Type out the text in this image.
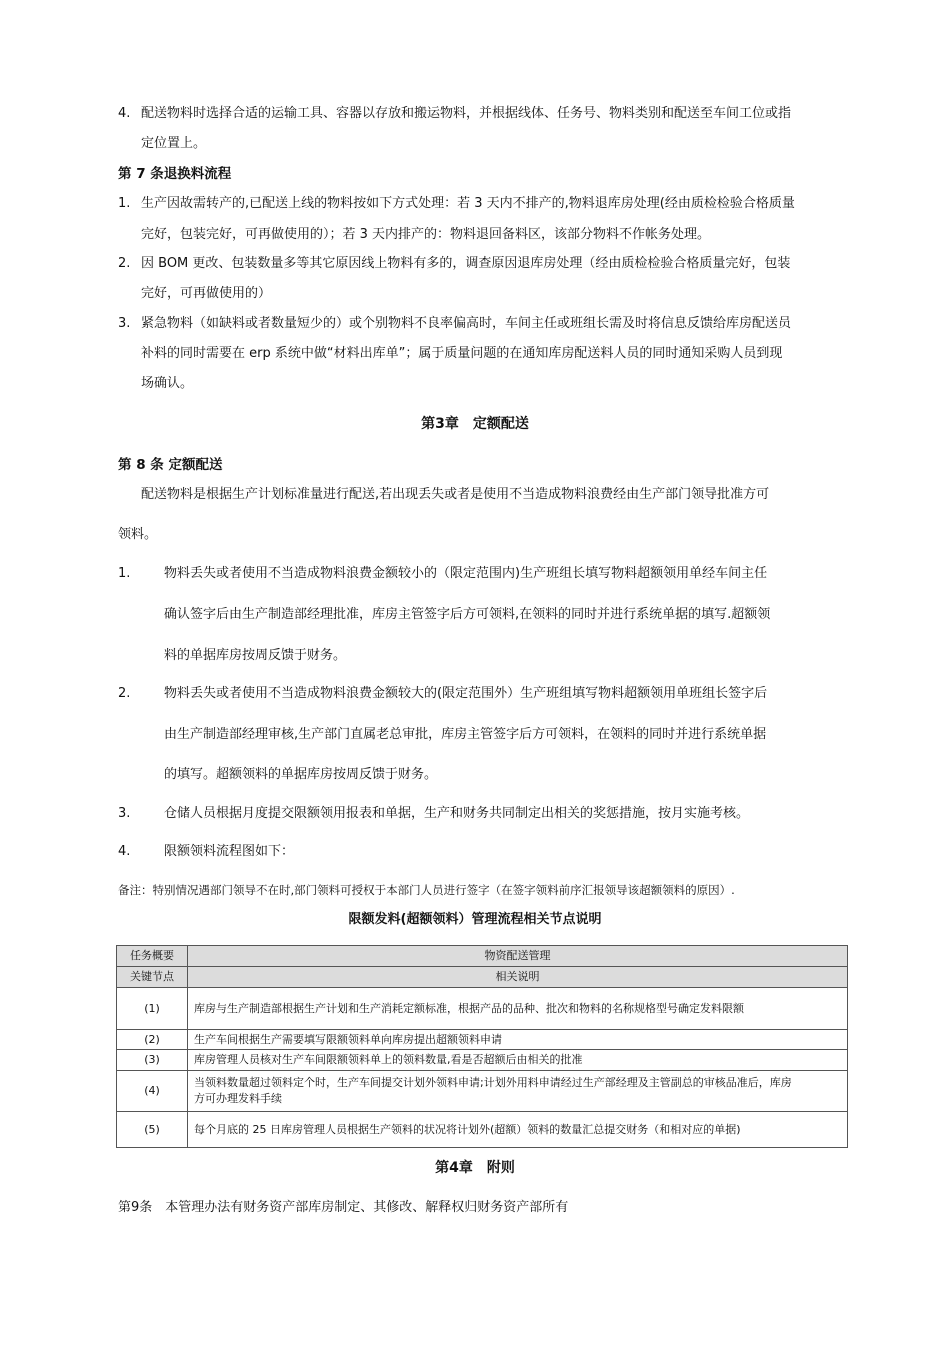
4. 配送物料时选择合适的运输工具、容器以存放和搬运物料，并根据线体、任务号、物料类别和配送至车间工位或指
定位置上。
第 7 条退换料流程
1. 生产因故需转产的,已配送上线的物料按如下方式处理：若 3 天内不排产的,物料退库房处理(经由质检检验合格质量
完好，包装完好，可再做使用的）；若 3 天内排产的：物料退回备料区，该部分物料不作帐务处理。
2. 因 BOM 更改、包装数量多等其它原因线上物料有多的，调查原因退库房处理（经由质检检验合格质量完好，包装
完好，可再做使用的）
3. 紧急物料（如缺料或者数量短少的）或个别物料不良率偏高时，车间主任或班组长需及时将信息反馈给库房配送员
补料的同时需要在 erp 系统中做“材料出库单”；属于质量问题的在通知库房配送料人员的同时通知采购人员到现
场确认。
第3章　定额配送
第 8 条 定额配送
配送物料是根据生产计划标准量进行配送,若出现丢失或者是使用不当造成物料浪费经由生产部门领导批准方可
领料。
1.	物料丢失或者使用不当造成物料浪费金额较小的（限定范围内)生产班组长填写物料超额领用单经车间主任
确认签字后由生产制造部经理批准，库房主管签字后方可领料,在领料的同时并进行系统单据的填写.超额领
料的单据库房按周反馈于财务。
2.	物料丢失或者使用不当造成物料浪费金额较大的(限定范围外）生产班组填写物料超额领用单班组长签字后
由生产制造部经理审核,生产部门直属老总审批，库房主管签字后方可领料，在领料的同时并进行系统单据
的填写。超额领料的单据库房按周反馈于财务。
3.	仓储人员根据月度提交限额领用报表和单据，生产和财务共同制定出相关的奖惩措施，按月实施考核。
4.	限额领料流程图如下：
备注：特别情况遇部门领导不在时,部门领料可授权于本部门人员进行签字（在签字领料前序汇报领导该超额领料的原因）.
限额发料(超额领料）管理流程相关节点说明
任务概要	物资配送管理
关键节点	相关说明
(1)	库房与生产制造部根据生产计划和生产消耗定额标准，根据产品的品种、批次和物料的名称规格型号确定发料限额
(2)	生产车间根据生产需要填写限额领料单向库房提出超额领料申请
(3)	库房管理人员核对生产车间限额领料单上的领料数量,看是否超额后由相关的批准
(4)	当领料数量超过领料定个时，生产车间提交计划外领料申请;计划外用料申请经过生产部经理及主管副总的审核品准后，库房
方可办理发料手续

(5)	每个月底的 25 日库房管理人员根据生产领料的状况将计划外(超额）领料的数量汇总提交财务（和相对应的单据)
第4章　附则
第9条　本管理办法有财务资产部库房制定、其修改、解释权归财务资产部所有
